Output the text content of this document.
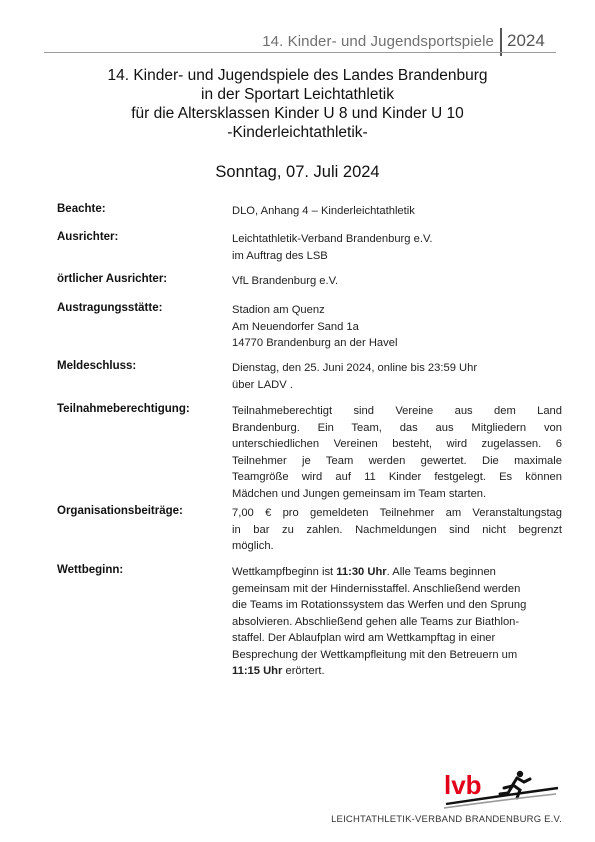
14. Kinder- und Jugendsportspiele 2024
14. Kinder- und Jugendspiele des Landes Brandenburg
in der Sportart Leichtathletik
für die Altersklassen Kinder U 8 und Kinder U 10
-Kinderleichtathletik-
Sonntag, 07. Juli 2024
Beachte:	DLO, Anhang 4 – Kinderleichtathletik
Ausrichter:	Leichtathletik-Verband Brandenburg e.V.
im Auftrag des LSB
örtlicher Ausrichter:	VfL Brandenburg e.V.
Austragungsstätte:	Stadion am Quenz
Am Neuendorfer Sand 1a
14770 Brandenburg an der Havel
Meldeschluss:	Dienstag, den 25. Juni 2024, online bis 23:59 Uhr
über LADV .
Teilnahmeberechtigung:	Teilnahmeberechtigt sind Vereine aus dem Land
Brandenburg. Ein Team, das aus Mitgliedern von
unterschiedlichen Vereinen besteht, wird zugelassen. 6
Teilnehmer je Team werden gewertet. Die maximale
Teamgröße wird auf 11 Kinder festgelegt. Es können
Mädchen und Jungen gemeinsam im Team starten.
Organisationsbeiträge:	7,00 € pro gemeldeten Teilnehmer am Veranstaltungstag
in bar zu zahlen. Nachmeldungen sind nicht begrenzt
möglich.
Wettbeginn:	Wettkampfbeginn ist 11:30 Uhr. Alle Teams beginnen
gemeinsam mit der Hindernisstaffel. Anschließend werden
die Teams im Rotationssystem das Werfen und den Sprung
absolvieren. Abschließend gehen alle Teams zur Biathlon-
staffel. Der Ablaufplan wird am Wettkampftag in einer
Besprechung der Wettkampfleitung mit den Betreuern um
11:15 Uhr erörtert.
lvb
LEICHTATHLETIK-VERBAND BRANDENBURG E.V.
